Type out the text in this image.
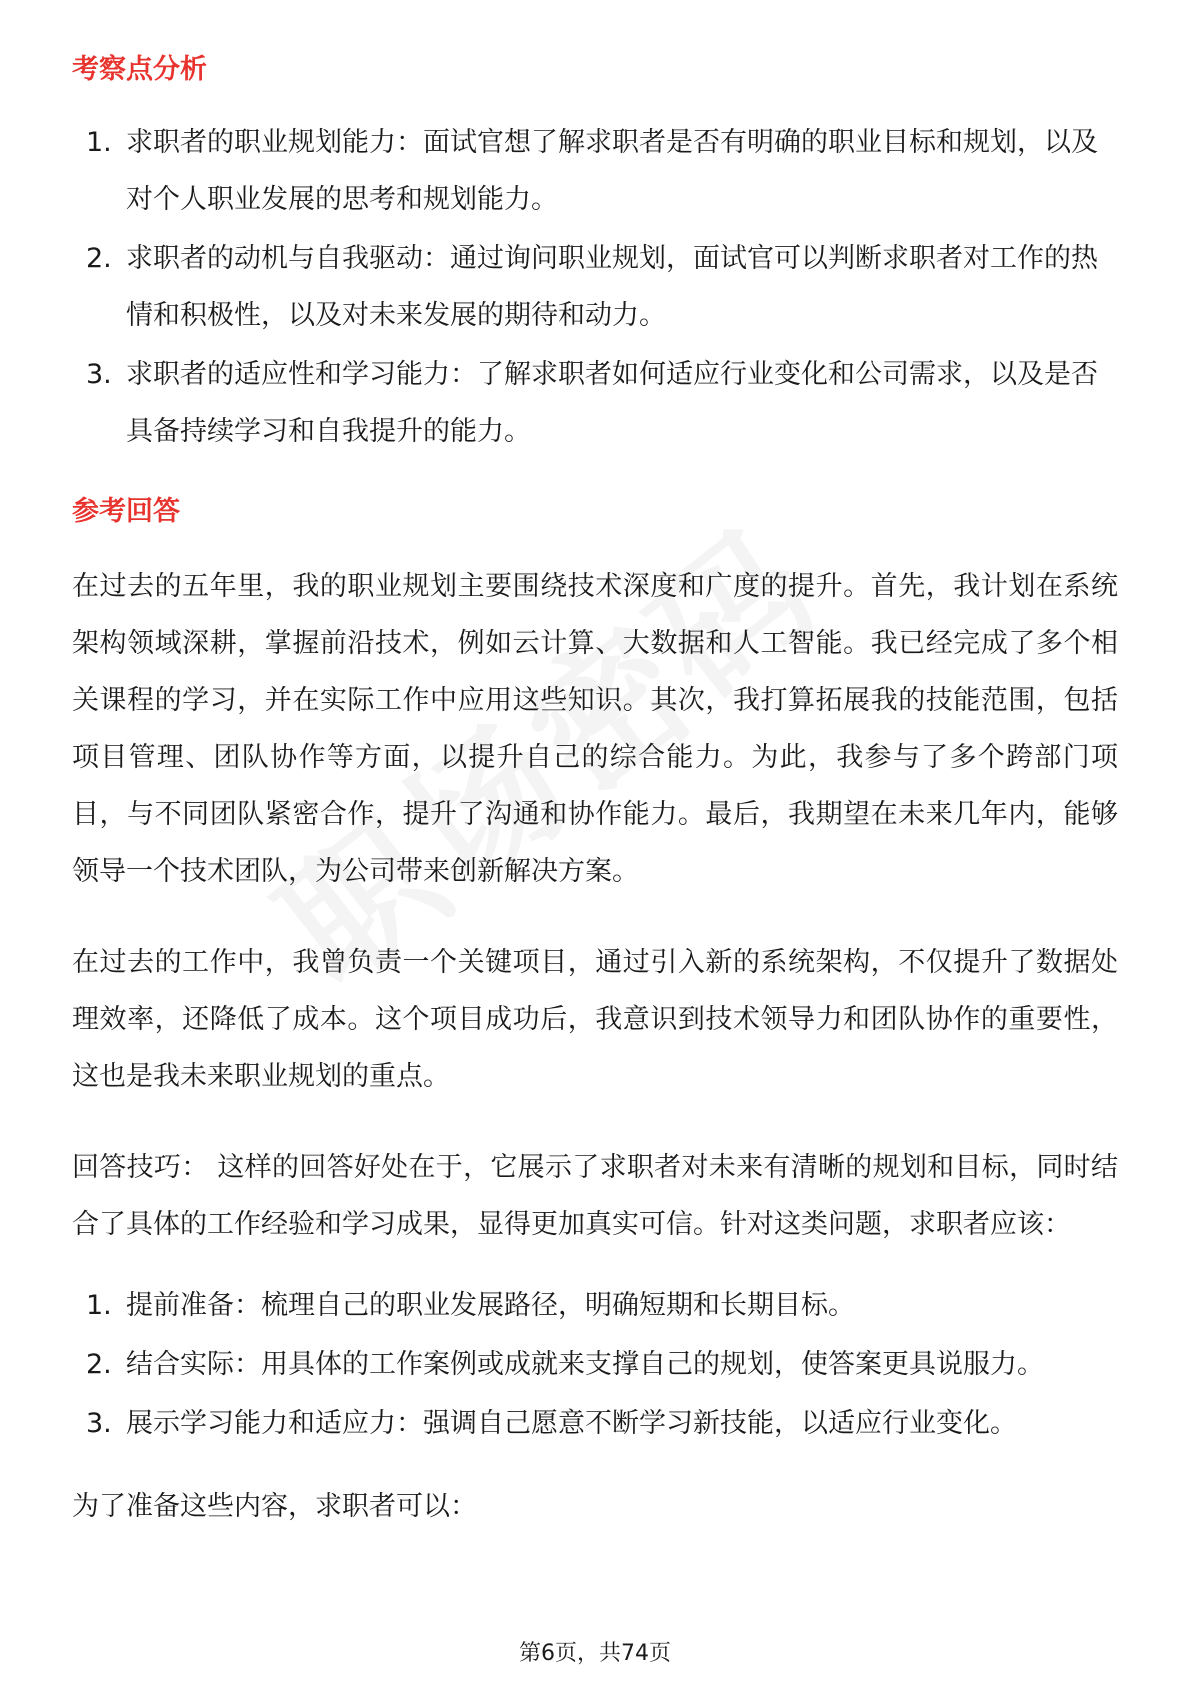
考察点分析
1. 求职者的职业规划能力：面试官想了解求职者是否有明确的职业目标和规划，以及对个人职业发展的思考和规划能力。
2. 求职者的动机与自我驱动：通过询问职业规划，面试官可以判断求职者对工作的热情和积极性，以及对未来发展的期待和动力。
3. 求职者的适应性和学习能力：了解求职者如何适应行业变化和公司需求，以及是否具备持续学习和自我提升的能力。
参考回答

在过去的五年里，我的职业规划主要围绕技术深度和广度的提升。首先，我计划在系统架构领域深耕，掌握前沿技术，例如云计算、大数据和人工智能。我已经完成了多个相关课程的学习，并在实际工作中应用这些知识。其次，我打算拓展我的技能范围，包括项目管理、团队协作等方面，以提升自己的综合能力。为此，我参与了多个跨部门项目，与不同团队紧密合作，提升了沟通和协作能力。最后，我期望在未来几年内，能够领导一个技术团队，为公司带来创新解决方案。

在过去的工作中，我曾负责一个关键项目，通过引入新的系统架构，不仅提升了数据处理效率，还降低了成本。这个项目成功后，我意识到技术领导力和团队协作的重要性，这也是我未来职业规划的重点。

回答技巧： 这样的回答好处在于，它展示了求职者对未来有清晰的规划和目标，同时结合了具体的工作经验和学习成果，显得更加真实可信。针对这类问题，求职者应该：

1. 提前准备：梳理自己的职业发展路径，明确短期和长期目标。
2. 结合实际：用具体的工作案例或成就来支撑自己的规划，使答案更具说服力。
3. 展示学习能力和适应力：强调自己愿意不断学习新技能，以适应行业变化。

为了准备这些内容，求职者可以：

第6页，共74页
